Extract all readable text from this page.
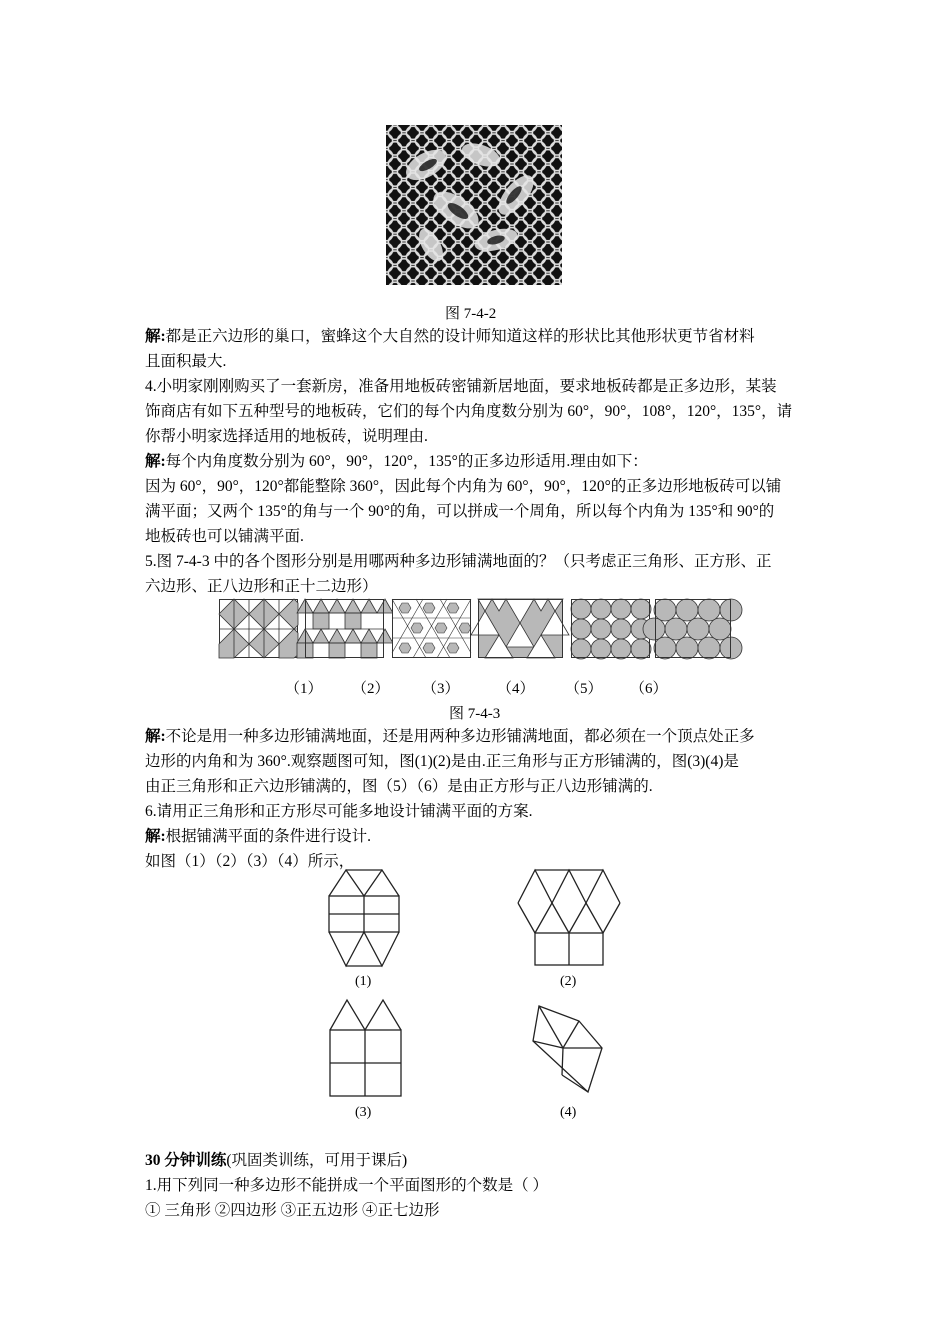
图 7-4-2
解:都是正六边形的巢口，蜜蜂这个大自然的设计师知道这样的形状比其他形状更节省材料
且面积最大.
4.小明家刚刚购买了一套新房，准备用地板砖密铺新居地面，要求地板砖都是正多边形，某装
饰商店有如下五种型号的地板砖，它们的每个内角度数分别为 60°，90°，108°，120°，135°，请
你帮小明家选择适用的地板砖，说明理由.
解:每个内角度数分别为 60°，90°，120°，135°的正多边形适用.理由如下：
因为 60°，90°，120°都能整除 360°，因此每个内角为 60°，90°，120°的正多边形地板砖可以铺
满平面；又两个 135°的角与一个 90°的角，可以拼成一个周角，所以每个内角为 135°和 90°的
地板砖也可以铺满平面.
5.图 7-4-3 中的各个图形分别是用哪两种多边形铺满地面的？（只考虑正三角形、正方形、正
六边形、正八边形和正十二边形）
（1） （2） （3） （4） （5） （6）
图 7-4-3
解:不论是用一种多边形铺满地面，还是用两种多边形铺满地面，都必须在一个顶点处正多
边形的内角和为 360°.观察题图可知，图(1)(2)是由.正三角形与正方形铺满的，图(3)(4)是
由正三角形和正六边形铺满的，图（5）（6）是由正方形与正八边形铺满的.
6.请用正三角形和正方形尽可能多地设计铺满平面的方案.
解:根据铺满平面的条件进行设计.
如图（1）（2）（3）（4）所示，
(1)	(2)
(3)	(4)
30 分钟训练(巩固类训练，可用于课后)
1.用下列同一种多边形不能拼成一个平面图形的个数是（ ）
① 三角形 ②四边形 ③正五边形 ④正七边形
